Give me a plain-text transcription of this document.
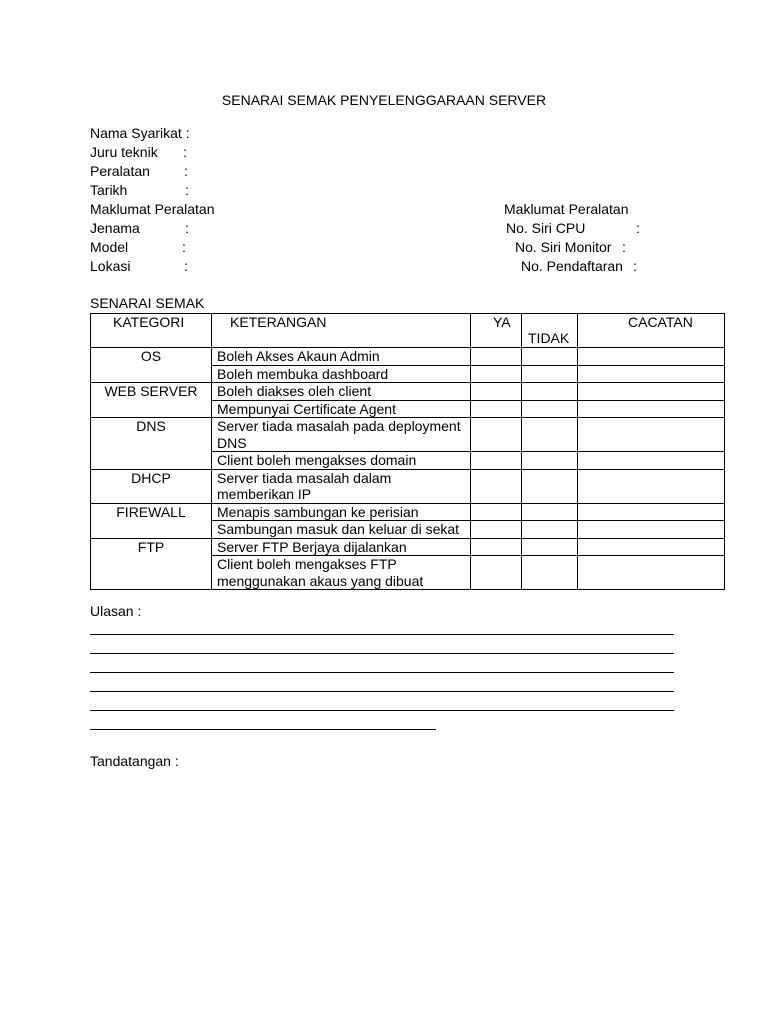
SENARAI SEMAK PENYELENGGARAAN SERVER
Nama Syarikat :
Juru teknik :
Peralatan :
Tarikh	:
Maklumat Peralatan
Jenama	:
Model	:
Lokasi	:
Maklumat Peralatan
No. Siri CPU	:
No. Siri Monitor :
No. Pendaftaran :
SENARAI SEMAK
KATEGORI	KETERANGAN	YA	TIDAK	CACATAN

OS	Boleh Akses Akaun Admin			
	Boleh membuka dashboard			
WEB SERVER	Boleh diakses oleh client			
	Mempunyai Certificate Agent			
DNS	Server tiada masalah pada deployment DNS			
	Client boleh mengakses domain			
DHCP	Server tiada masalah dalam memberikan IP			
FIREWALL	Menapis sambungan ke perisian			
	Sambungan masuk dan keluar di sekat			
FTP	Server FTP Berjaya dijalankan			
	Client boleh mengakses FTP menggunakan akaus yang dibuat			
Ulasan :
Tandatangan :
